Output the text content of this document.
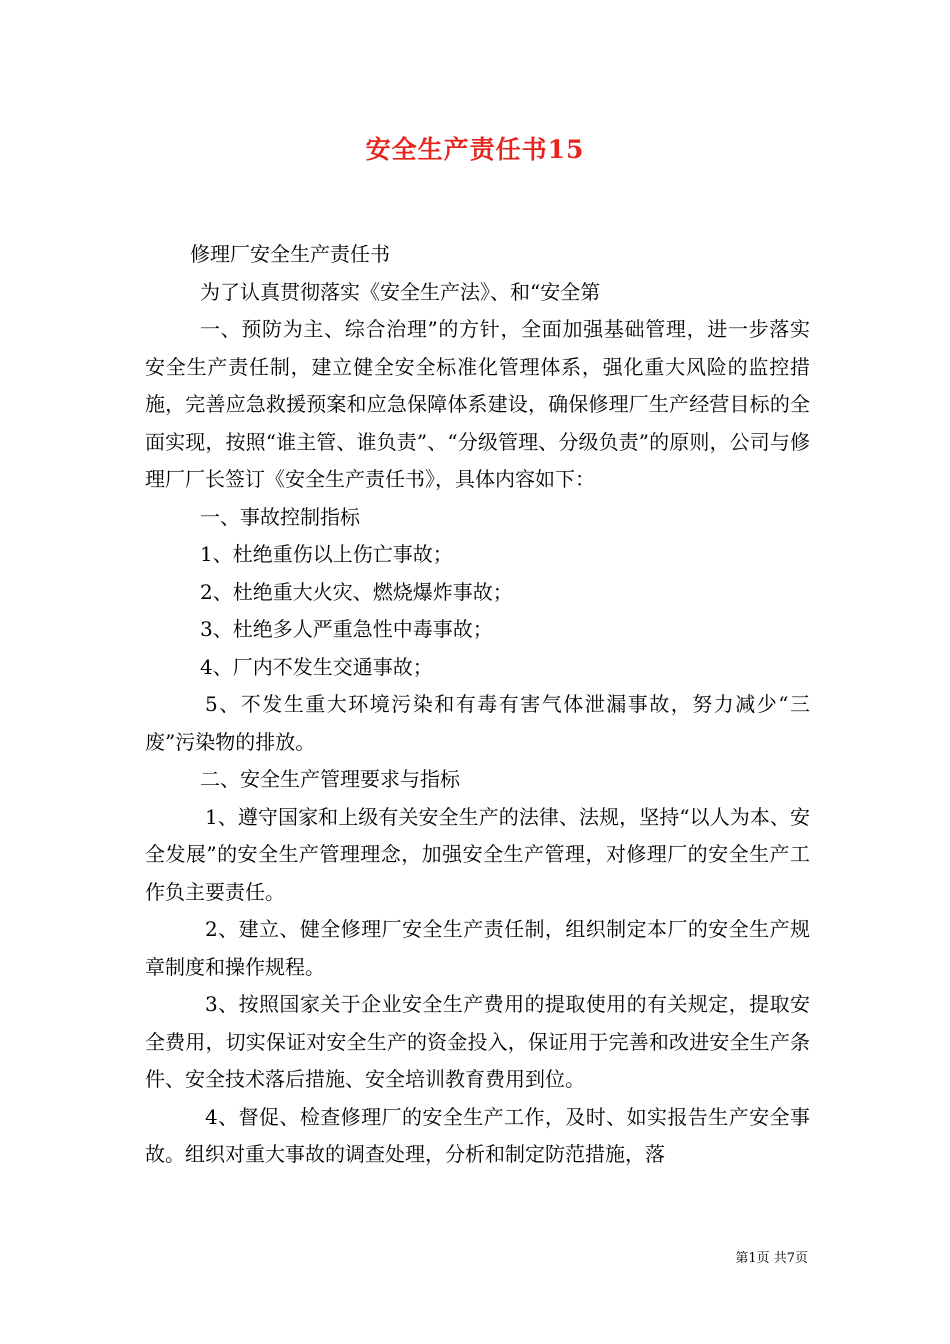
安全生产责任书15

修理厂安全生产责任书

为了认真贯彻落实《安全生产法》、和“安全第

一、预防为主、综合治理”的方针，全面加强基础管理，进一步落实安全生产责任制，建立健全安全标准化管理体系，强化重大风险的监控措施，完善应急救援预案和应急保障体系建设，确保修理厂生产经营目标的全面实现，按照“谁主管、谁负责”、“分级管理、分级负责”的原则，公司与修理厂厂长签订《安全生产责任书》，具体内容如下：

一、事故控制指标

1、杜绝重伤以上伤亡事故；

2、杜绝重大火灾、燃烧爆炸事故；

3、杜绝多人严重急性中毒事故；

4、厂内不发生交通事故；

5、不发生重大环境污染和有毒有害气体泄漏事故，努力减少“三废”污染物的排放。

二、安全生产管理要求与指标

1、遵守国家和上级有关安全生产的法律、法规，坚持“以人为本、安全发展”的安全生产管理理念，加强安全生产管理，对修理厂的安全生产工作负主要责任。

2、建立、健全修理厂安全生产责任制，组织制定本厂的安全生产规章制度和操作规程。

3、按照国家关于企业安全生产费用的提取使用的有关规定，提取安全费用，切实保证对安全生产的资金投入，保证用于完善和改进安全生产条件、安全技术落后措施、安全培训教育费用到位。

4、督促、检查修理厂的安全生产工作，及时、如实报告生产安全事故。组织对重大事故的调查处理，分析和制定防范措施，落

第1页 共7页
